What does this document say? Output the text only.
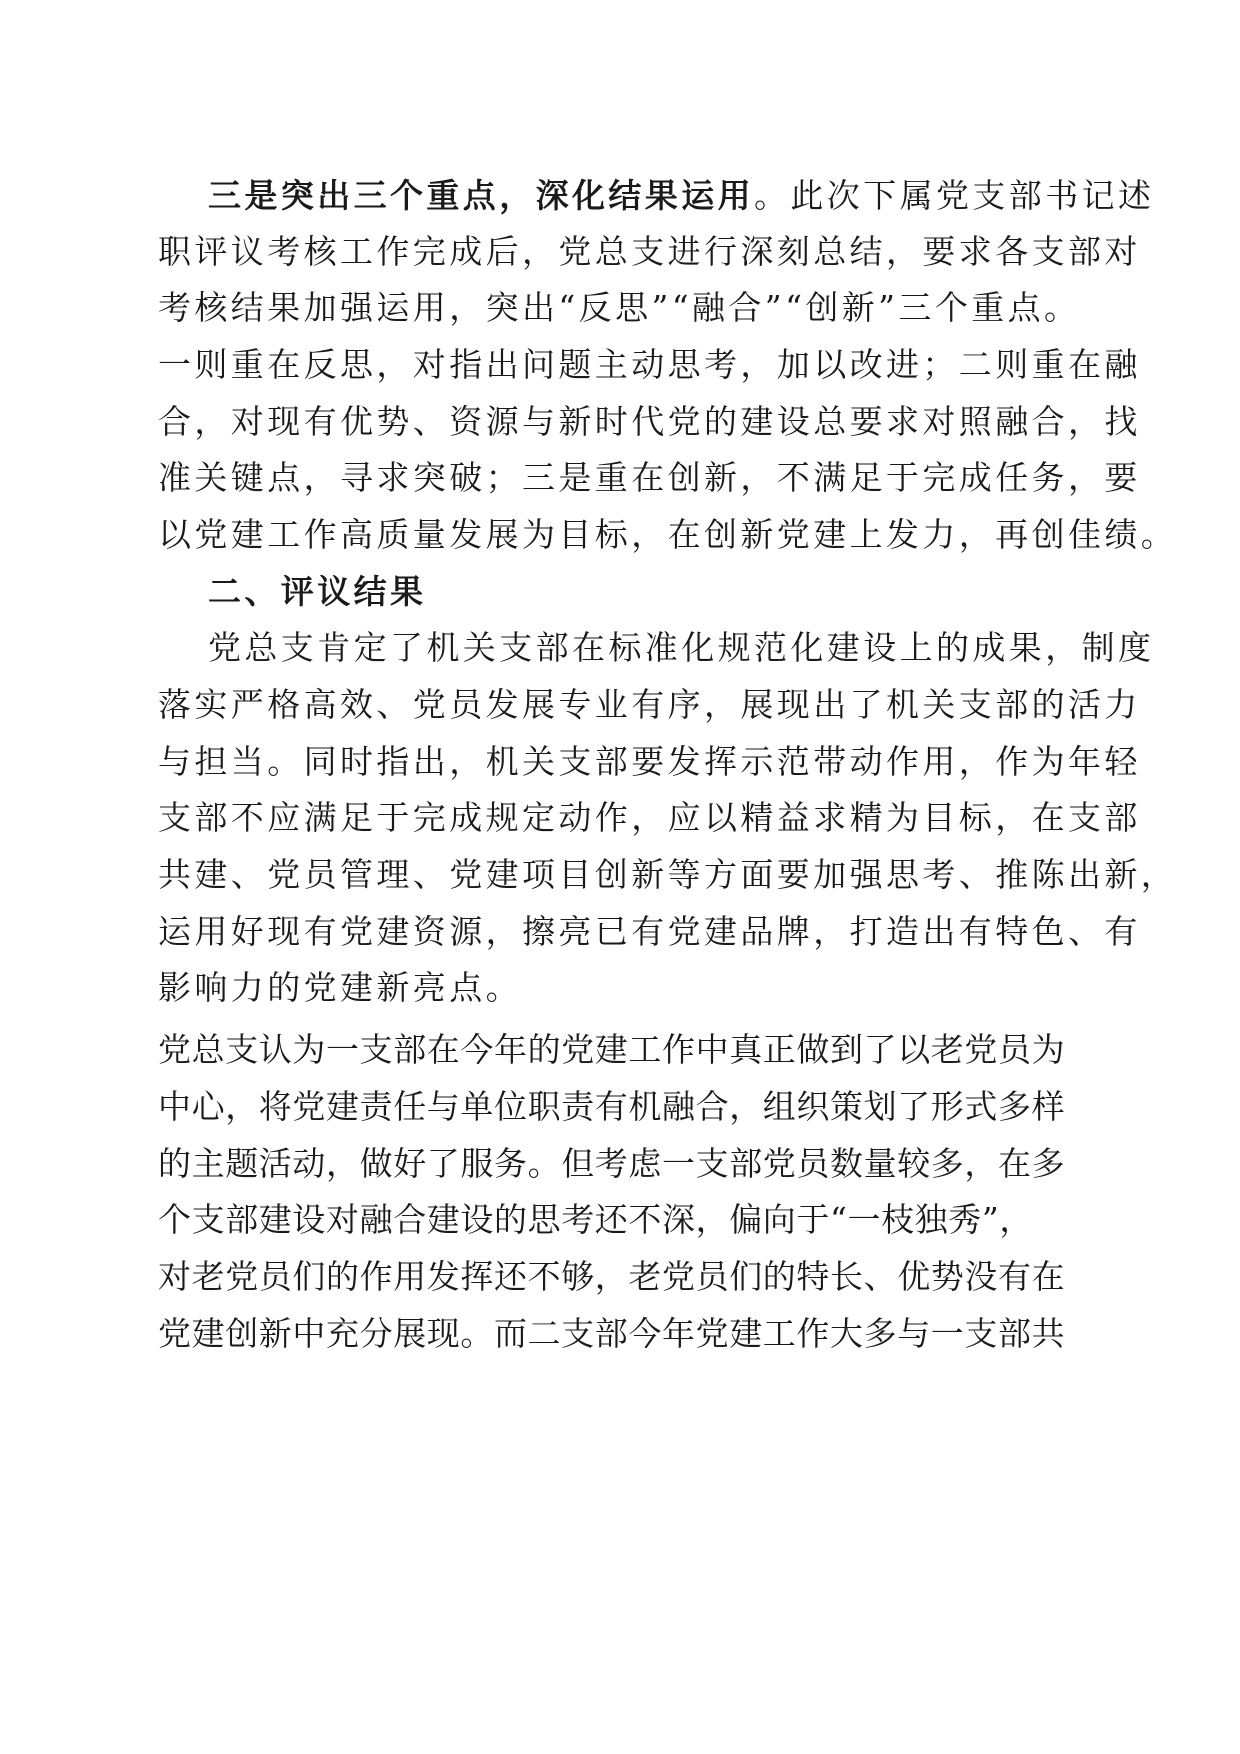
三是突出三个重点，深化结果运用。此次下属党支部书记述
职评议考核工作完成后，党总支进行深刻总结，要求各支部对
考核结果加强运用，突出“反思”“融合”“创新”三个重点。
一则重在反思，对指出问题主动思考，加以改进；二则重在融
合，对现有优势、资源与新时代党的建设总要求对照融合，找
准关键点，寻求突破；三是重在创新，不满足于完成任务，要
以党建工作高质量发展为目标，在创新党建上发力，再创佳绩。
二、评议结果
党总支肯定了机关支部在标准化规范化建设上的成果，制度
落实严格高效、党员发展专业有序，展现出了机关支部的活力
与担当。同时指出，机关支部要发挥示范带动作用，作为年轻
支部不应满足于完成规定动作，应以精益求精为目标，在支部
共建、党员管理、党建项目创新等方面要加强思考、推陈出新，
运用好现有党建资源，擦亮已有党建品牌，打造出有特色、有
影响力的党建新亮点。
党总支认为一支部在今年的党建工作中真正做到了以老党员为
中心，将党建责任与单位职责有机融合，组织策划了形式多样
的主题活动，做好了服务。但考虑一支部党员数量较多，在多
个支部建设对融合建设的思考还不深，偏向于“一枝独秀”，
对老党员们的作用发挥还不够，老党员们的特长、优势没有在
党建创新中充分展现。而二支部今年党建工作大多与一支部共
